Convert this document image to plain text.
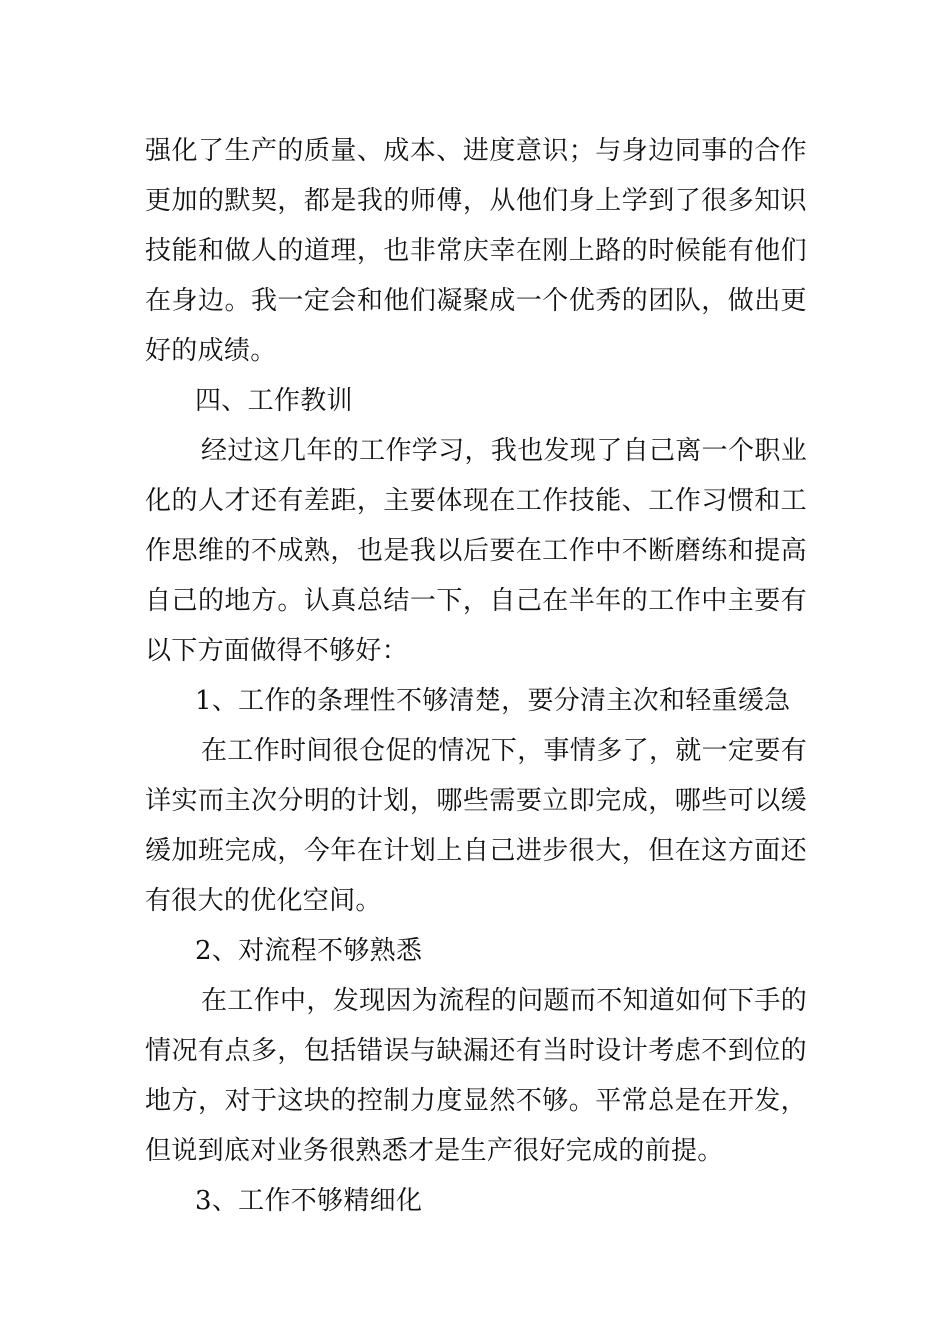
强化了生产的质量、成本、进度意识；与身边同事的合作
更加的默契，都是我的师傅，从他们身上学到了很多知识
技能和做人的道理，也非常庆幸在刚上路的时候能有他们
在身边。我一定会和他们凝聚成一个优秀的团队，做出更
好的成绩。
四、工作教训
经过这几年的工作学习，我也发现了自己离一个职业
化的人才还有差距，主要体现在工作技能、工作习惯和工
作思维的不成熟，也是我以后要在工作中不断磨练和提高
自己的地方。认真总结一下，自己在半年的工作中主要有
以下方面做得不够好：
1、工作的条理性不够清楚，要分清主次和轻重缓急
在工作时间很仓促的情况下，事情多了，就一定要有
详实而主次分明的计划，哪些需要立即完成，哪些可以缓
缓加班完成，今年在计划上自己进步很大，但在这方面还
有很大的优化空间。
2、对流程不够熟悉
在工作中，发现因为流程的问题而不知道如何下手的
情况有点多，包括错误与缺漏还有当时设计考虑不到位的
地方，对于这块的控制力度显然不够。平常总是在开发，
但说到底对业务很熟悉才是生产很好完成的前提。
3、工作不够精细化
